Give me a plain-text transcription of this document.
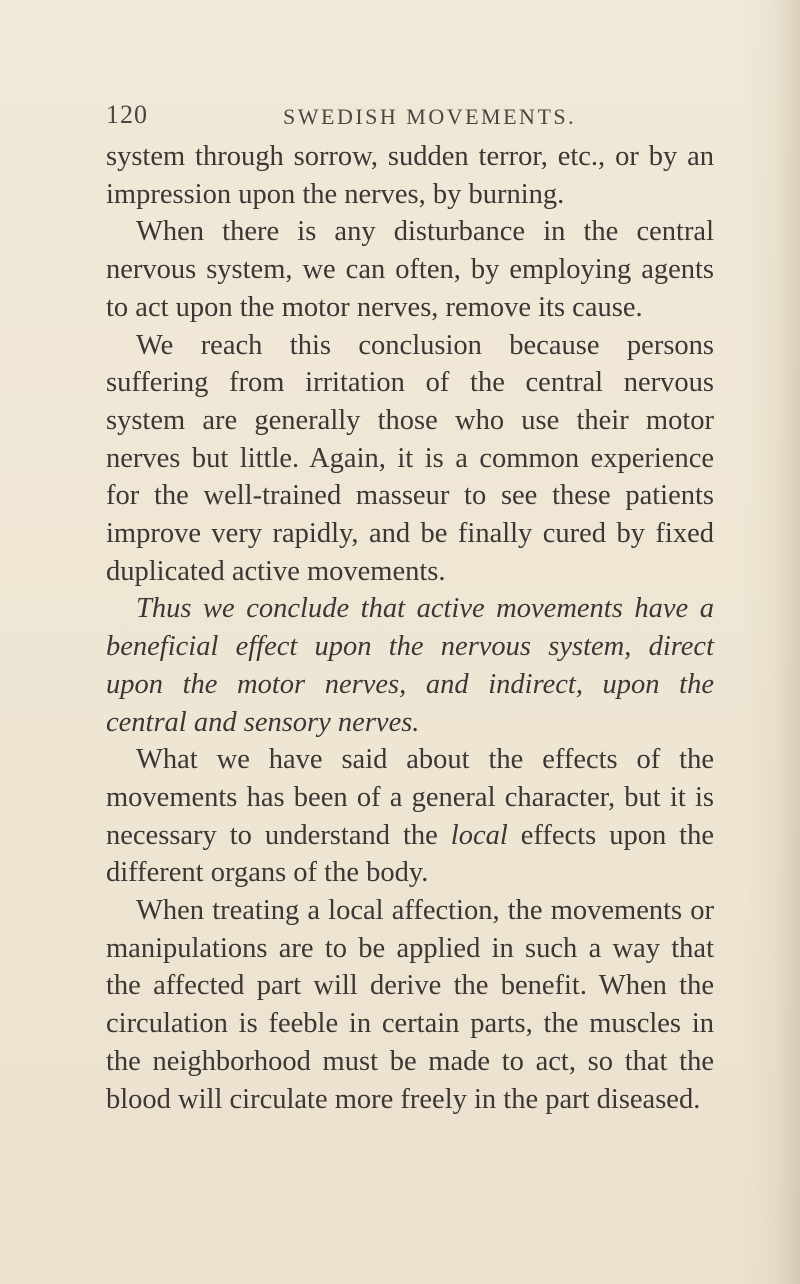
120	SWEDISH MOVEMENTS.

system through sorrow, sudden terror, etc., or by an impression upon the nerves, by burning.

When there is any disturbance in the central nervous system, we can often, by employing agents to act upon the motor nerves, remove its cause.

We reach this conclusion because persons suffering from irritation of the central nervous system are generally those who use their motor nerves but little. Again, it is a common experience for the well-trained masseur to see these patients improve very rapidly, and be finally cured by fixed duplicated active movements.

Thus we conclude that active movements have a beneficial effect upon the nervous system, direct upon the motor nerves, and indirect, upon the central and sensory nerves.

What we have said about the effects of the movements has been of a general character, but it is necessary to understand the local effects upon the different organs of the body.

When treating a local affection, the movements or manipulations are to be applied in such a way that the affected part will derive the benefit. When the circulation is feeble in certain parts, the muscles in the neighborhood must be made to act, so that the blood will circulate more freely in the part diseased.
